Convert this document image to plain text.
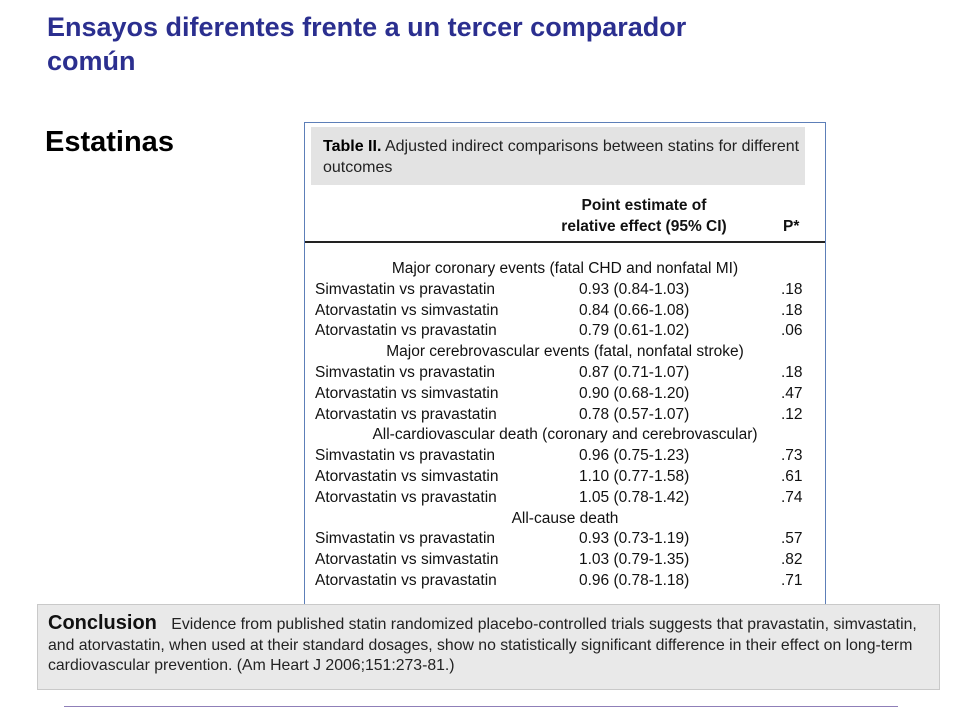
Ensayos diferentes frente a un tercer comparador común
Estatinas	Table II. Adjusted indirect comparisons between statins for different outcomes
Point estimate of
relative effect (95% CI)	P*
Major coronary events (fatal CHD and nonfatal MI)
Simvastatin vs pravastatin	0.93 (0.84-1.03)	.18
Atorvastatin vs simvastatin	0.84 (0.66-1.08)	.18
Atorvastatin vs pravastatin	0.79 (0.61-1.02)	.06
Major cerebrovascular events (fatal, nonfatal stroke)
Simvastatin vs pravastatin	0.87 (0.71-1.07)	.18
Atorvastatin vs simvastatin	0.90 (0.68-1.20)	.47
Atorvastatin vs pravastatin	0.78 (0.57-1.07)	.12
All-cardiovascular death (coronary and cerebrovascular)
Simvastatin vs pravastatin	0.96 (0.75-1.23)	.73
Atorvastatin vs simvastatin	1.10 (0.77-1.58)	.61
Atorvastatin vs pravastatin	1.05 (0.78-1.42)	.74
All-cause death
Simvastatin vs pravastatin	0.93 (0.73-1.19)	.57
Atorvastatin vs simvastatin	1.03 (0.79-1.35)	.82
Atorvastatin vs pravastatin	0.96 (0.78-1.18)	.71
Conclusion Evidence from published statin randomized placebo-controlled trials suggests that pravastatin, simvastatin, and atorvastatin, when used at their standard dosages, show no statistically significant difference in their effect on long-term cardiovascular prevention. (Am Heart J 2006;151:273-81.)
